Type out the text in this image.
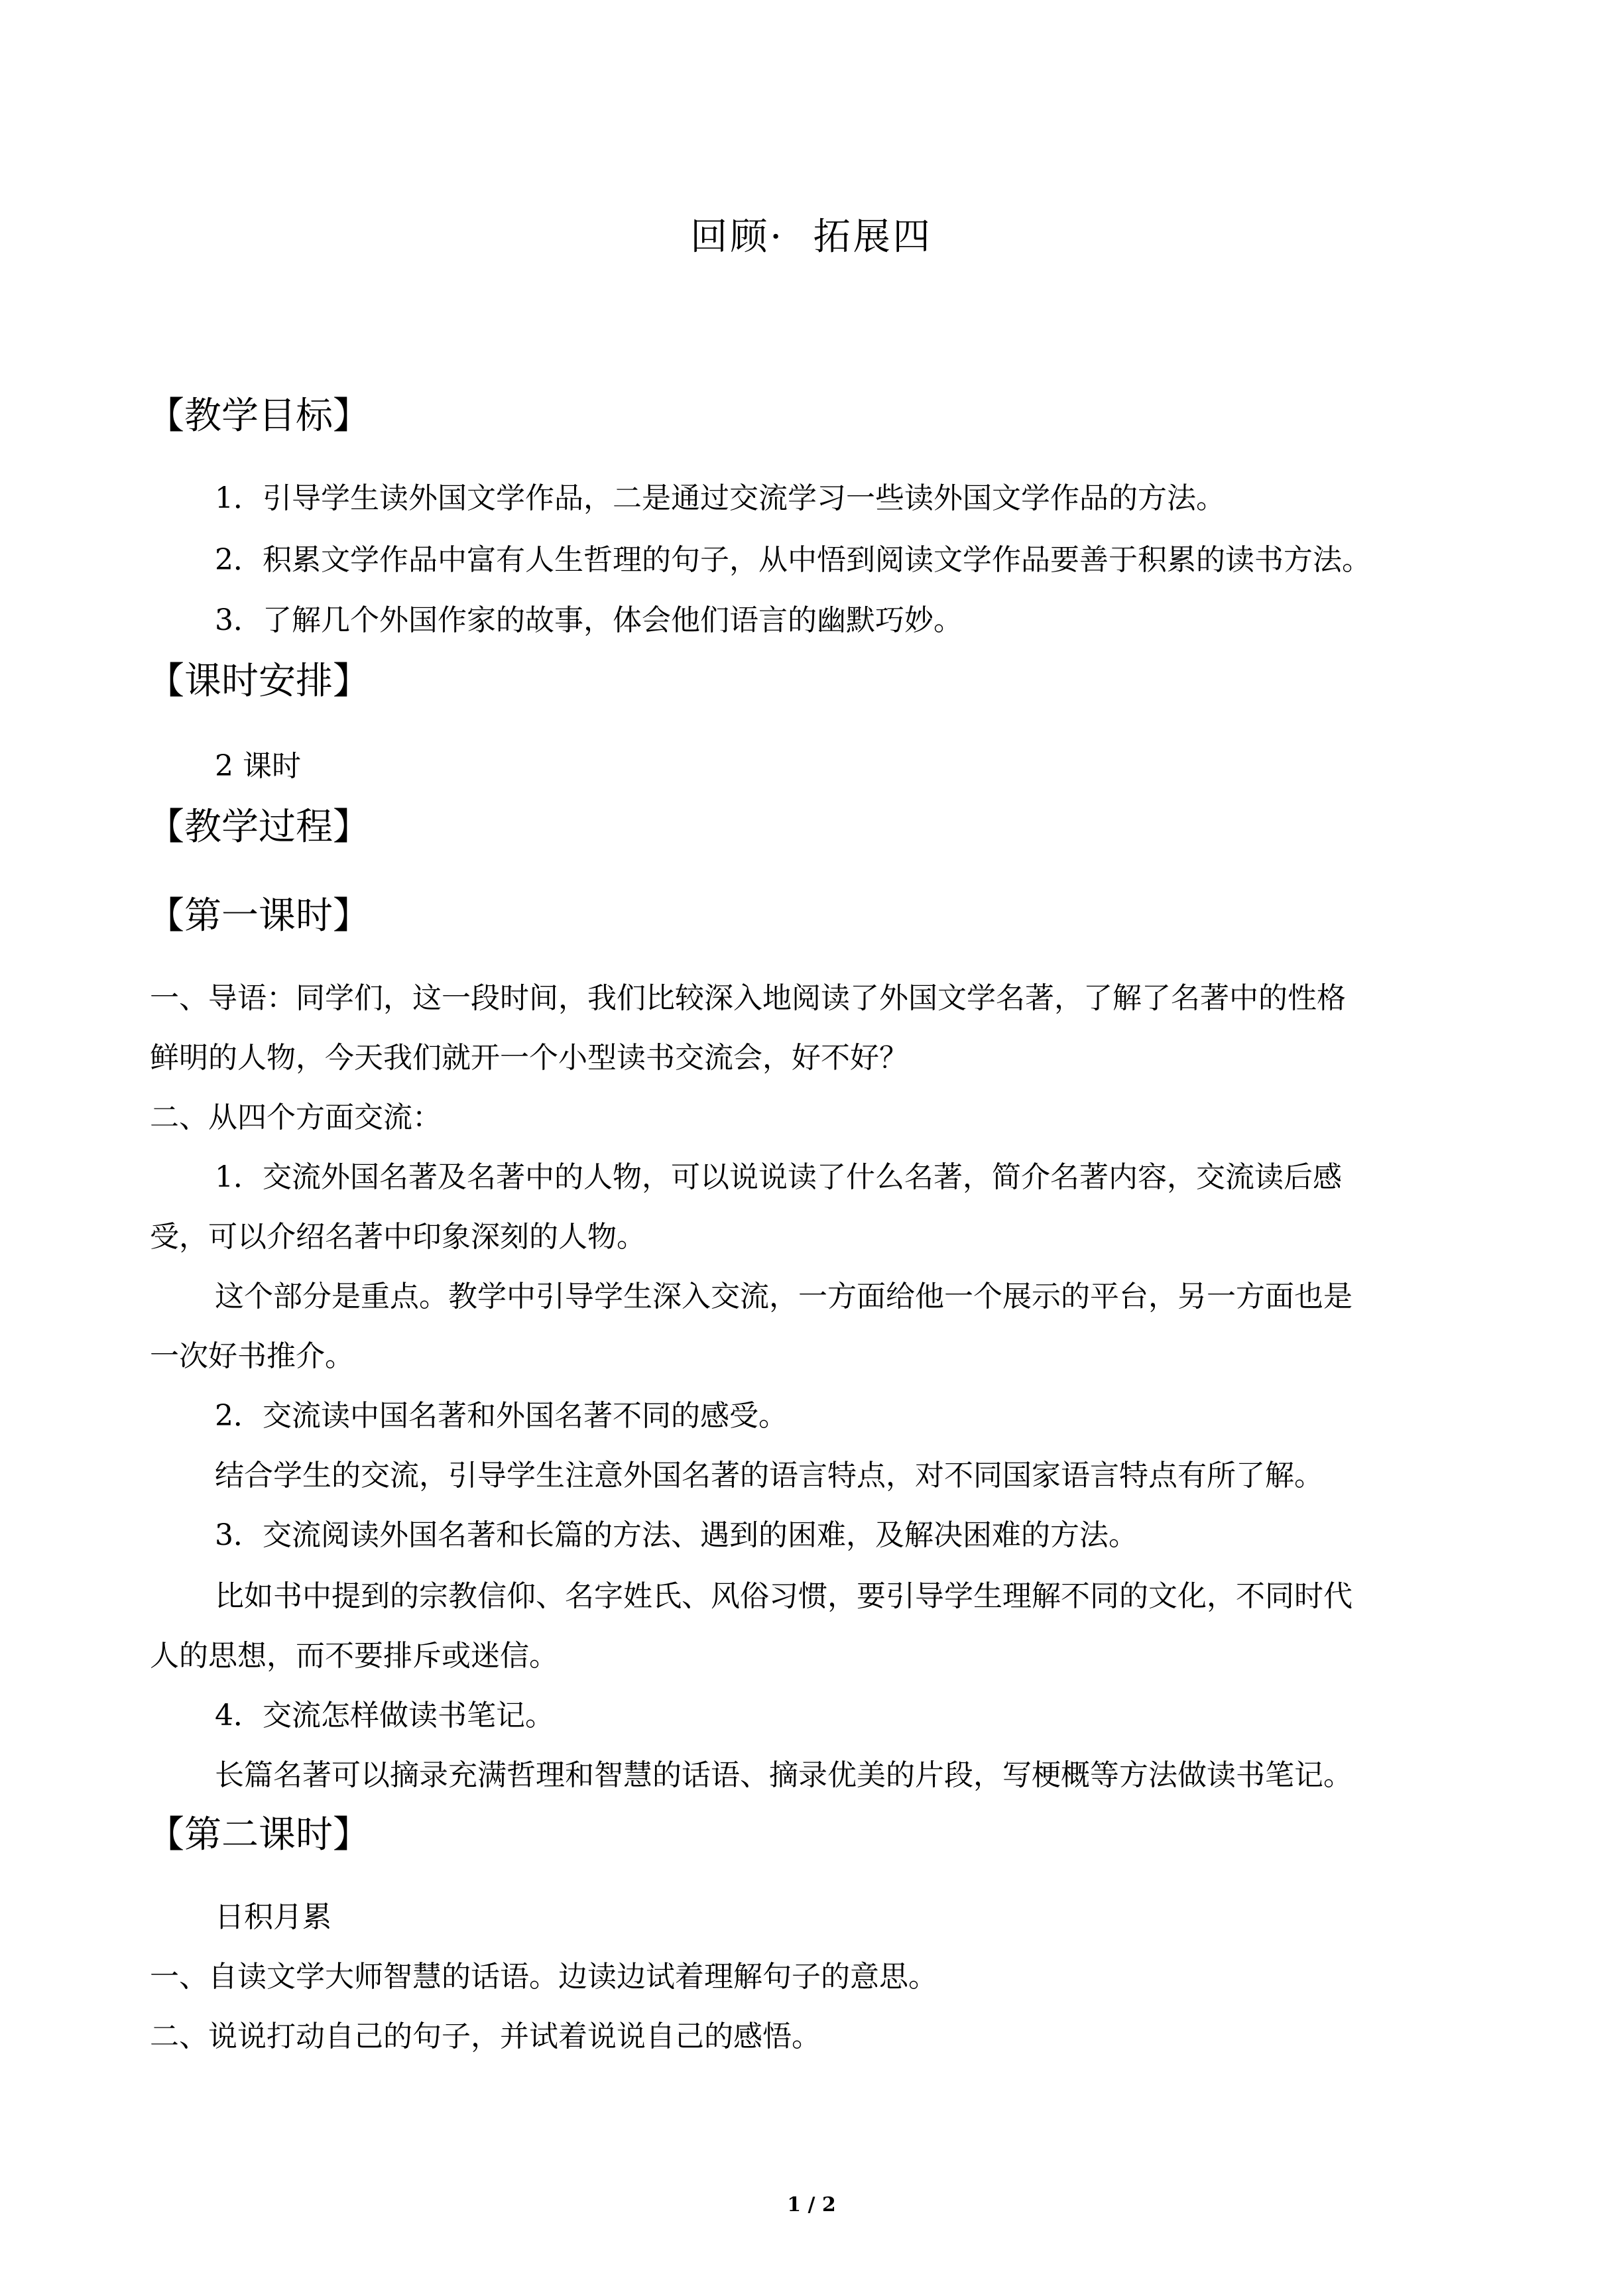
回顾·  拓展四
【教学目标】
1．引导学生读外国文学作品，二是通过交流学习一些读外国文学作品的方法。
2．积累文学作品中富有人生哲理的句子，从中悟到阅读文学作品要善于积累的读书方法。
3．了解几个外国作家的故事，体会他们语言的幽默巧妙。
【课时安排】
2 课时
【教学过程】
【第一课时】
一、导语：同学们，这一段时间，我们比较深入地阅读了外国文学名著，了解了名著中的性格
鲜明的人物，今天我们就开一个小型读书交流会，好不好？
二、从四个方面交流：
1．交流外国名著及名著中的人物，可以说说读了什么名著，简介名著内容，交流读后感
受，可以介绍名著中印象深刻的人物。
这个部分是重点。教学中引导学生深入交流，一方面给他一个展示的平台，另一方面也是
一次好书推介。
2．交流读中国名著和外国名著不同的感受。
结合学生的交流，引导学生注意外国名著的语言特点，对不同国家语言特点有所了解。
3．交流阅读外国名著和长篇的方法、遇到的困难，及解决困难的方法。
比如书中提到的宗教信仰、名字姓氏、风俗习惯，要引导学生理解不同的文化，不同时代
人的思想，而不要排斥或迷信。
4．交流怎样做读书笔记。
长篇名著可以摘录充满哲理和智慧的话语、摘录优美的片段，写梗概等方法做读书笔记。
【第二课时】
日积月累
一、自读文学大师智慧的话语。边读边试着理解句子的意思。
二、说说打动自己的句子，并试着说说自己的感悟。
1 / 2
